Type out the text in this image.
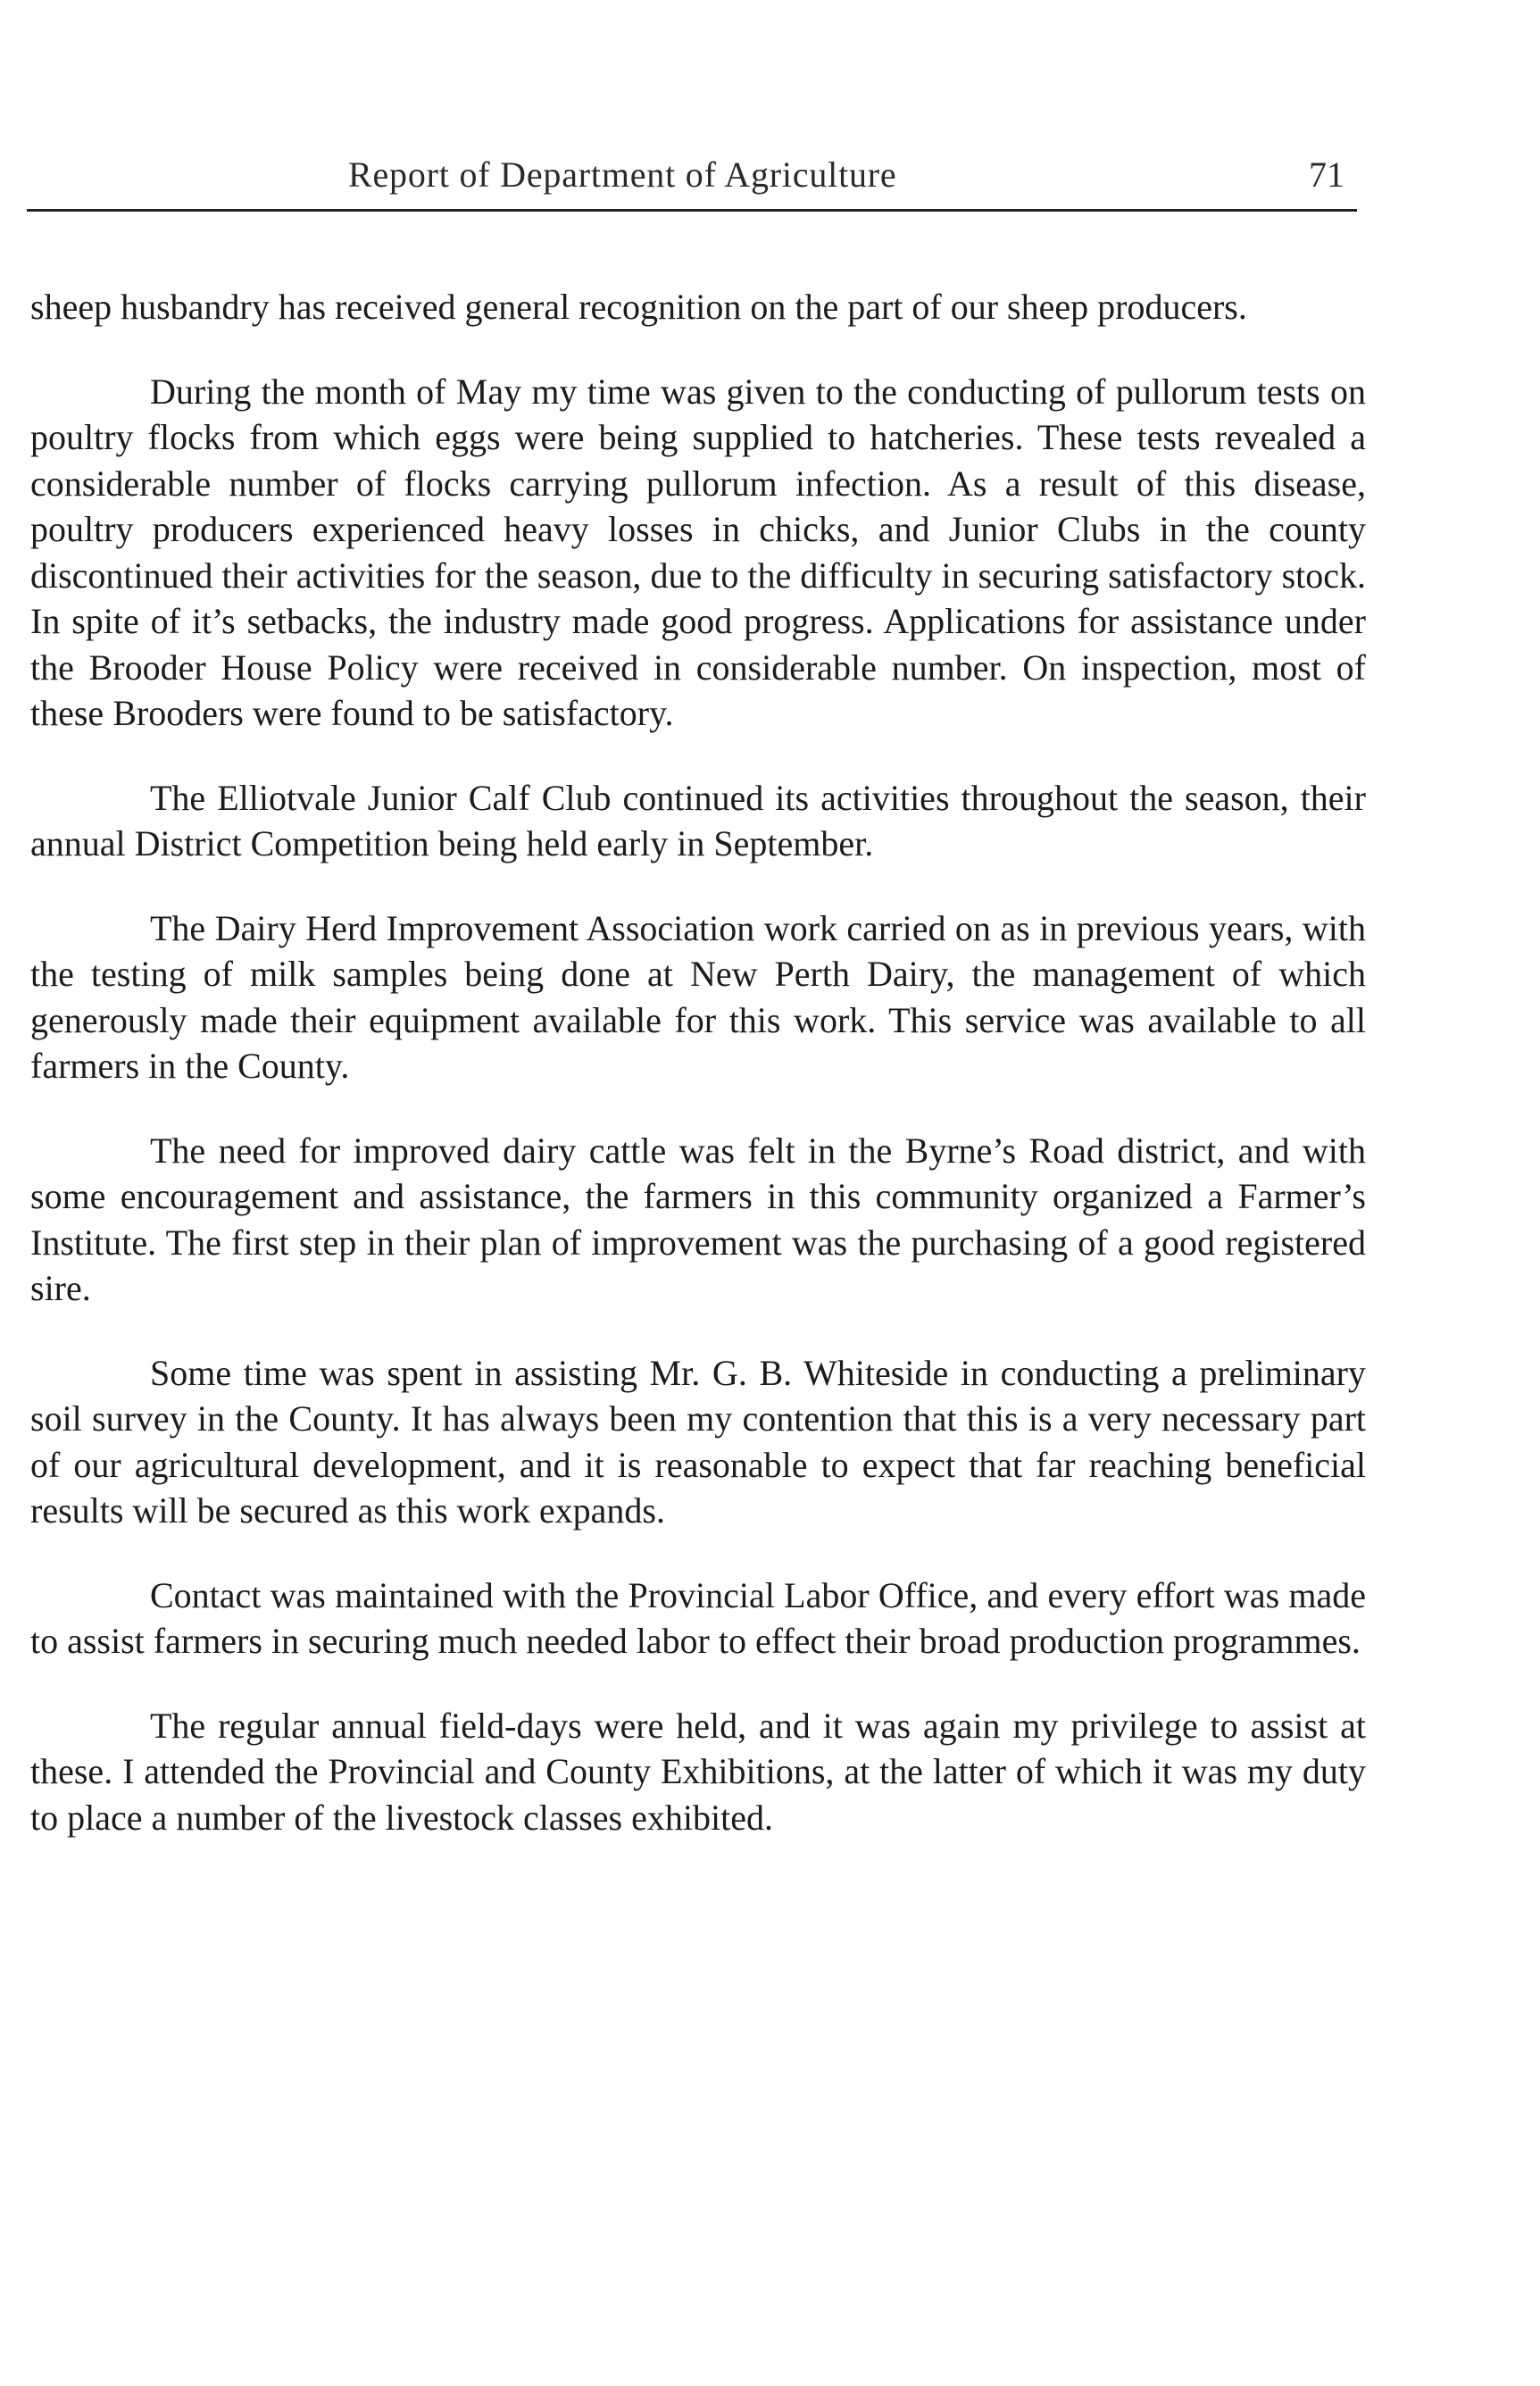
Report of Department of Agriculture	71

sheep husbandry has received general recognition on the part of our sheep producers.

During the month of May my time was given to the conducting of pullorum tests on poultry flocks from which eggs were being supplied to hatcheries. These tests revealed a considerable number of flocks carrying pullorum infection. As a result of this disease, poultry producers experienced heavy losses in chicks, and Junior Clubs in the county discontinued their activities for the season, due to the difficulty in securing satisfactory stock. In spite of it’s setbacks, the industry made good progress. Applications for assistance under the Brooder House Policy were received in considerable number. On inspection, most of these Brooders were found to be satisfactory.

The Elliotvale Junior Calf Club continued its activities throughout the season, their annual District Competition being held early in September.

The Dairy Herd Improvement Association work carried on as in previous years, with the testing of milk samples being done at New Perth Dairy, the management of which generously made their equipment available for this work. This service was available to all farmers in the County.

The need for improved dairy cattle was felt in the Byrne’s Road district, and with some encouragement and assistance, the farmers in this community organized a Farmer’s Institute. The first step in their plan of improvement was the purchasing of a good registered sire.

Some time was spent in assisting Mr. G. B. Whiteside in conducting a preliminary soil survey in the County. It has always been my contention that this is a very necessary part of our agricultural development, and it is reasonable to expect that far reaching beneficial results will be secured as this work expands.

Contact was maintained with the Provincial Labor Office, and every effort was made to assist farmers in securing much needed labor to effect their broad production programmes.

The regular annual field-days were held, and it was again my privilege to assist at these. I attended the Provincial and County Exhibitions, at the latter of which it was my duty to place a number of the livestock classes exhibited.
